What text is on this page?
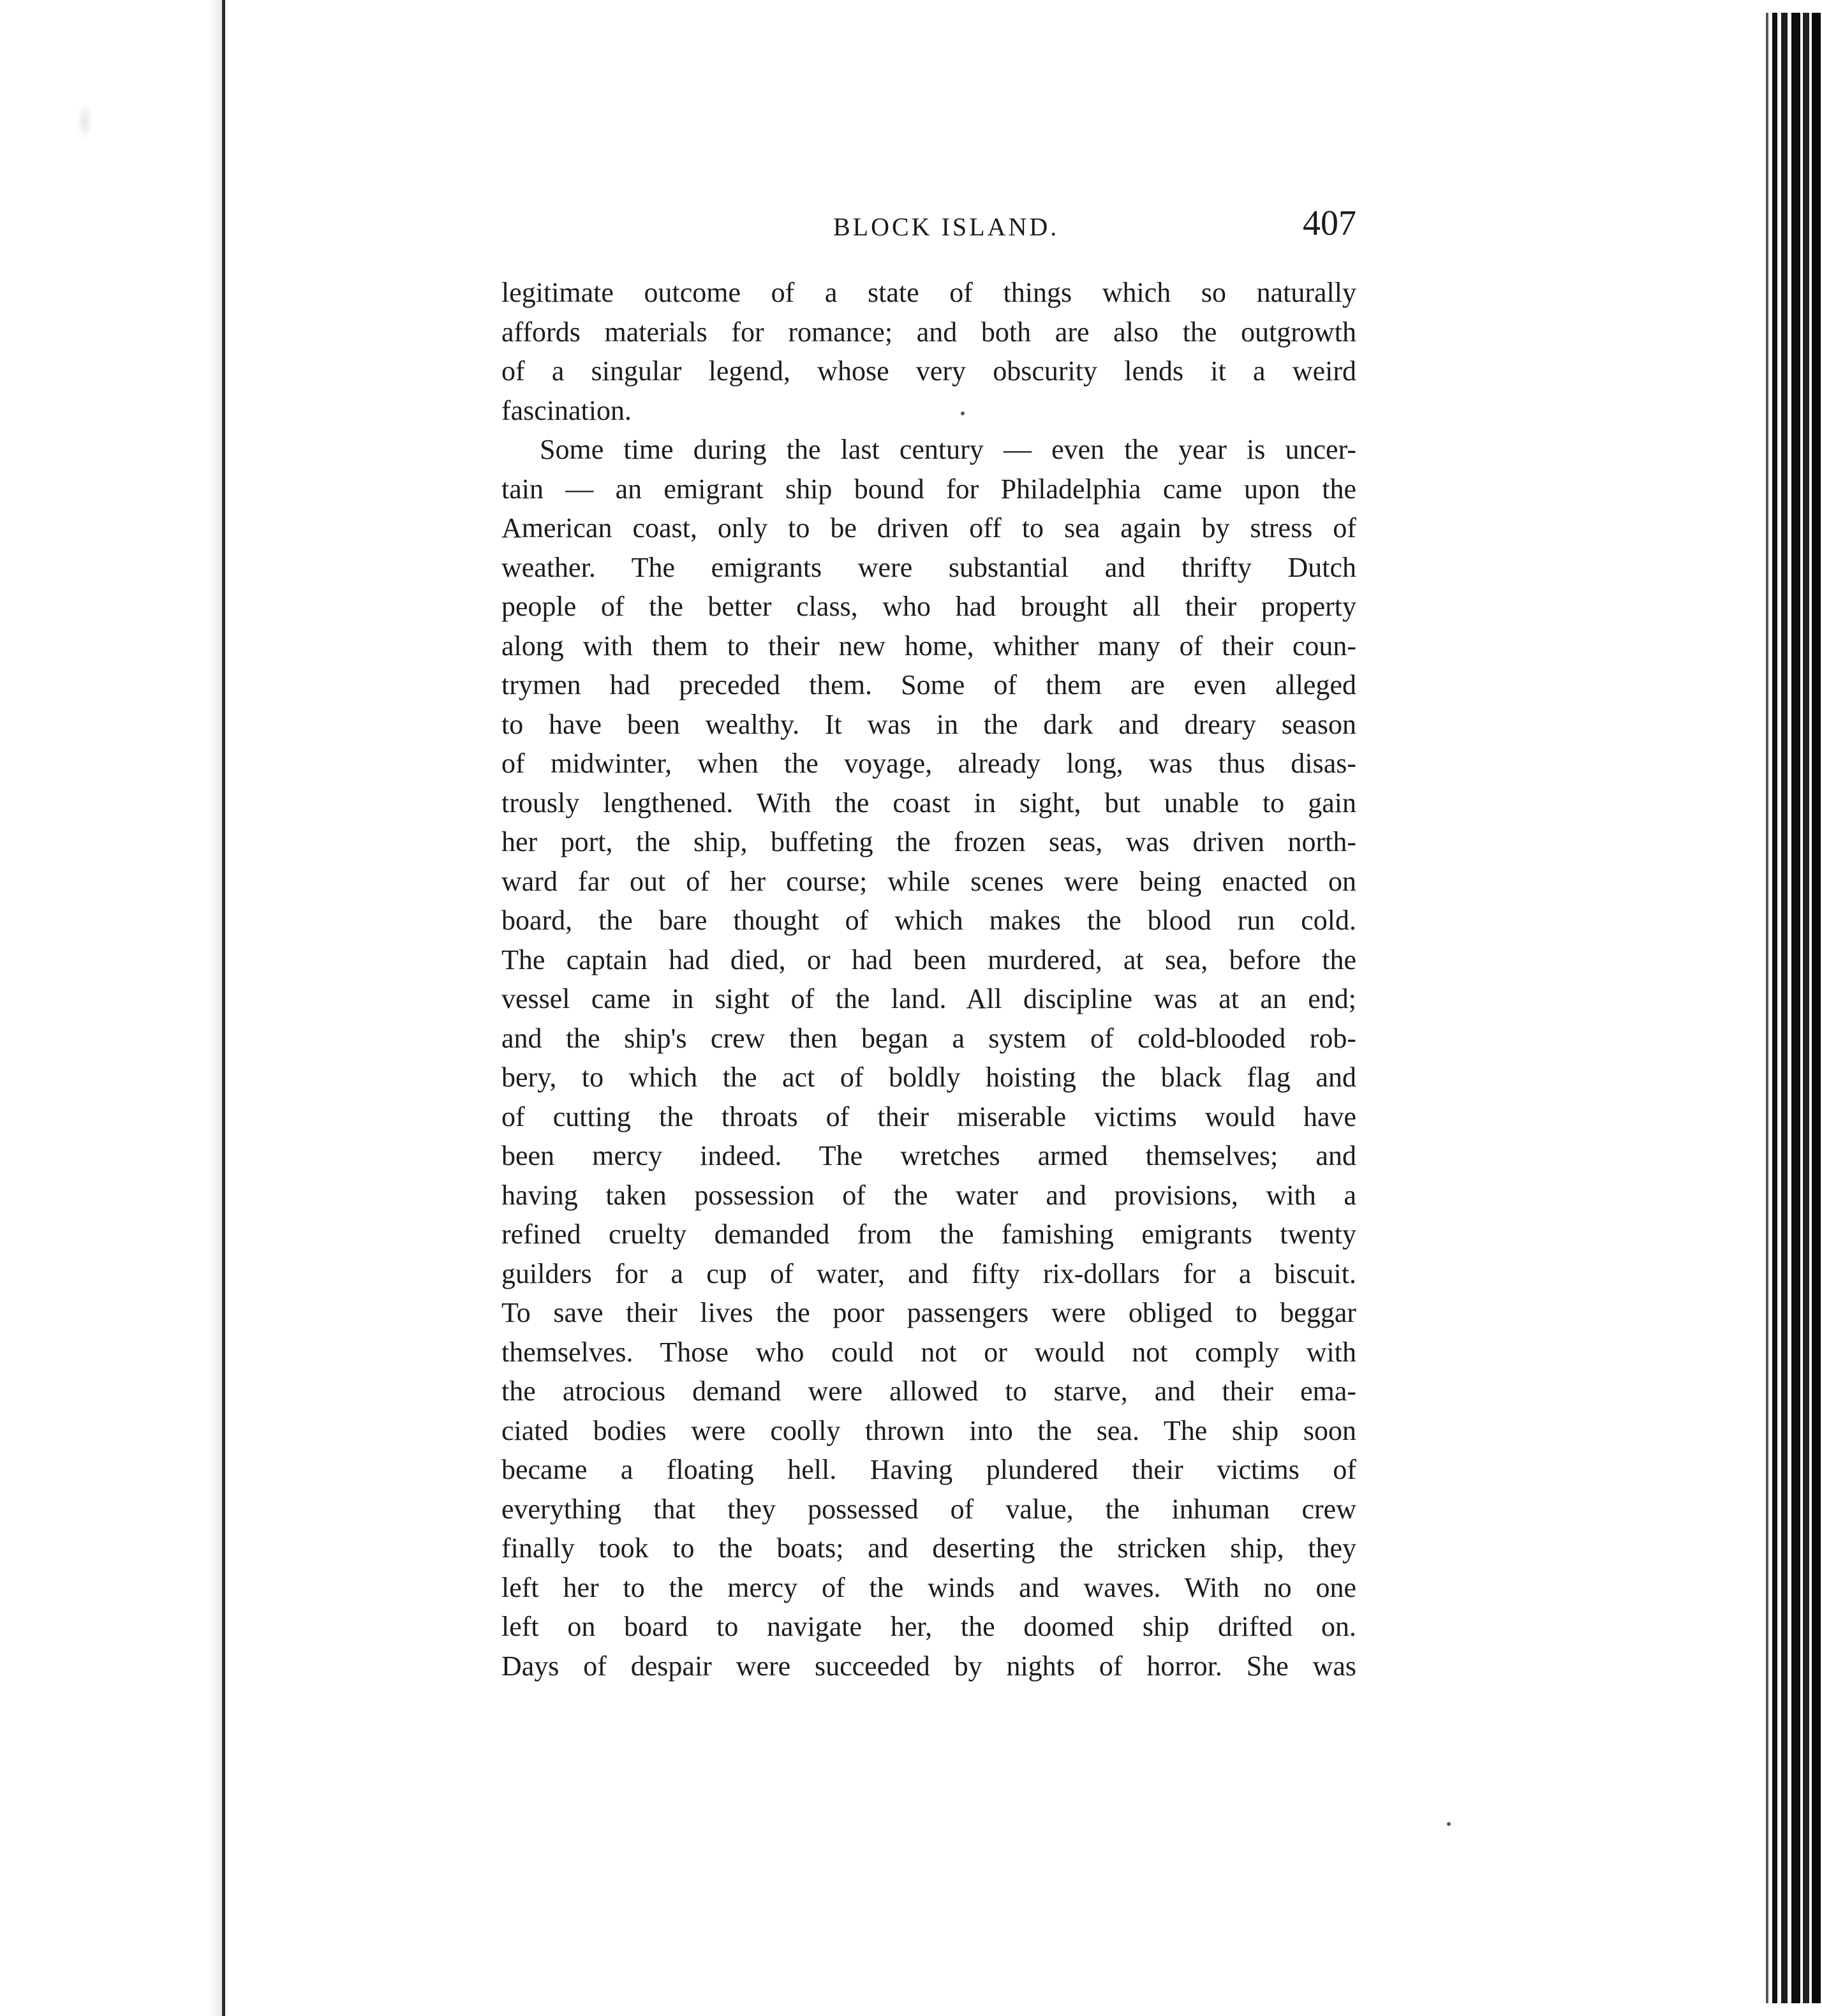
BLOCK ISLAND.	407
legitimate outcome of a state of things which so naturally
affords materials for romance; and both are also the outgrowth
of a singular legend, whose very obscurity lends it a weird
fascination.
Some time during the last century — even the year is uncer-
tain — an emigrant ship bound for Philadelphia came upon the
American coast, only to be driven off to sea again by stress of
weather. The emigrants were substantial and thrifty Dutch
people of the better class, who had brought all their property
along with them to their new home, whither many of their coun-
trymen had preceded them. Some of them are even alleged
to have been wealthy. It was in the dark and dreary season
of midwinter, when the voyage, already long, was thus disas-
trously lengthened. With the coast in sight, but unable to gain
her port, the ship, buffeting the frozen seas, was driven north-
ward far out of her course; while scenes were being enacted on
board, the bare thought of which makes the blood run cold.
The captain had died, or had been murdered, at sea, before the
vessel came in sight of the land. All discipline was at an end;
and the ship's crew then began a system of cold-blooded rob-
bery, to which the act of boldly hoisting the black flag and
of cutting the throats of their miserable victims would have
been mercy indeed. The wretches armed themselves; and
having taken possession of the water and provisions, with a
refined cruelty demanded from the famishing emigrants twenty
guilders for a cup of water, and fifty rix-dollars for a biscuit.
To save their lives the poor passengers were obliged to beggar
themselves. Those who could not or would not comply with
the atrocious demand were allowed to starve, and their ema-
ciated bodies were coolly thrown into the sea. The ship soon
became a floating hell. Having plundered their victims of
everything that they possessed of value, the inhuman crew
finally took to the boats; and deserting the stricken ship, they
left her to the mercy of the winds and waves. With no one
left on board to navigate her, the doomed ship drifted on.
Days of despair were succeeded by nights of horror. She was
